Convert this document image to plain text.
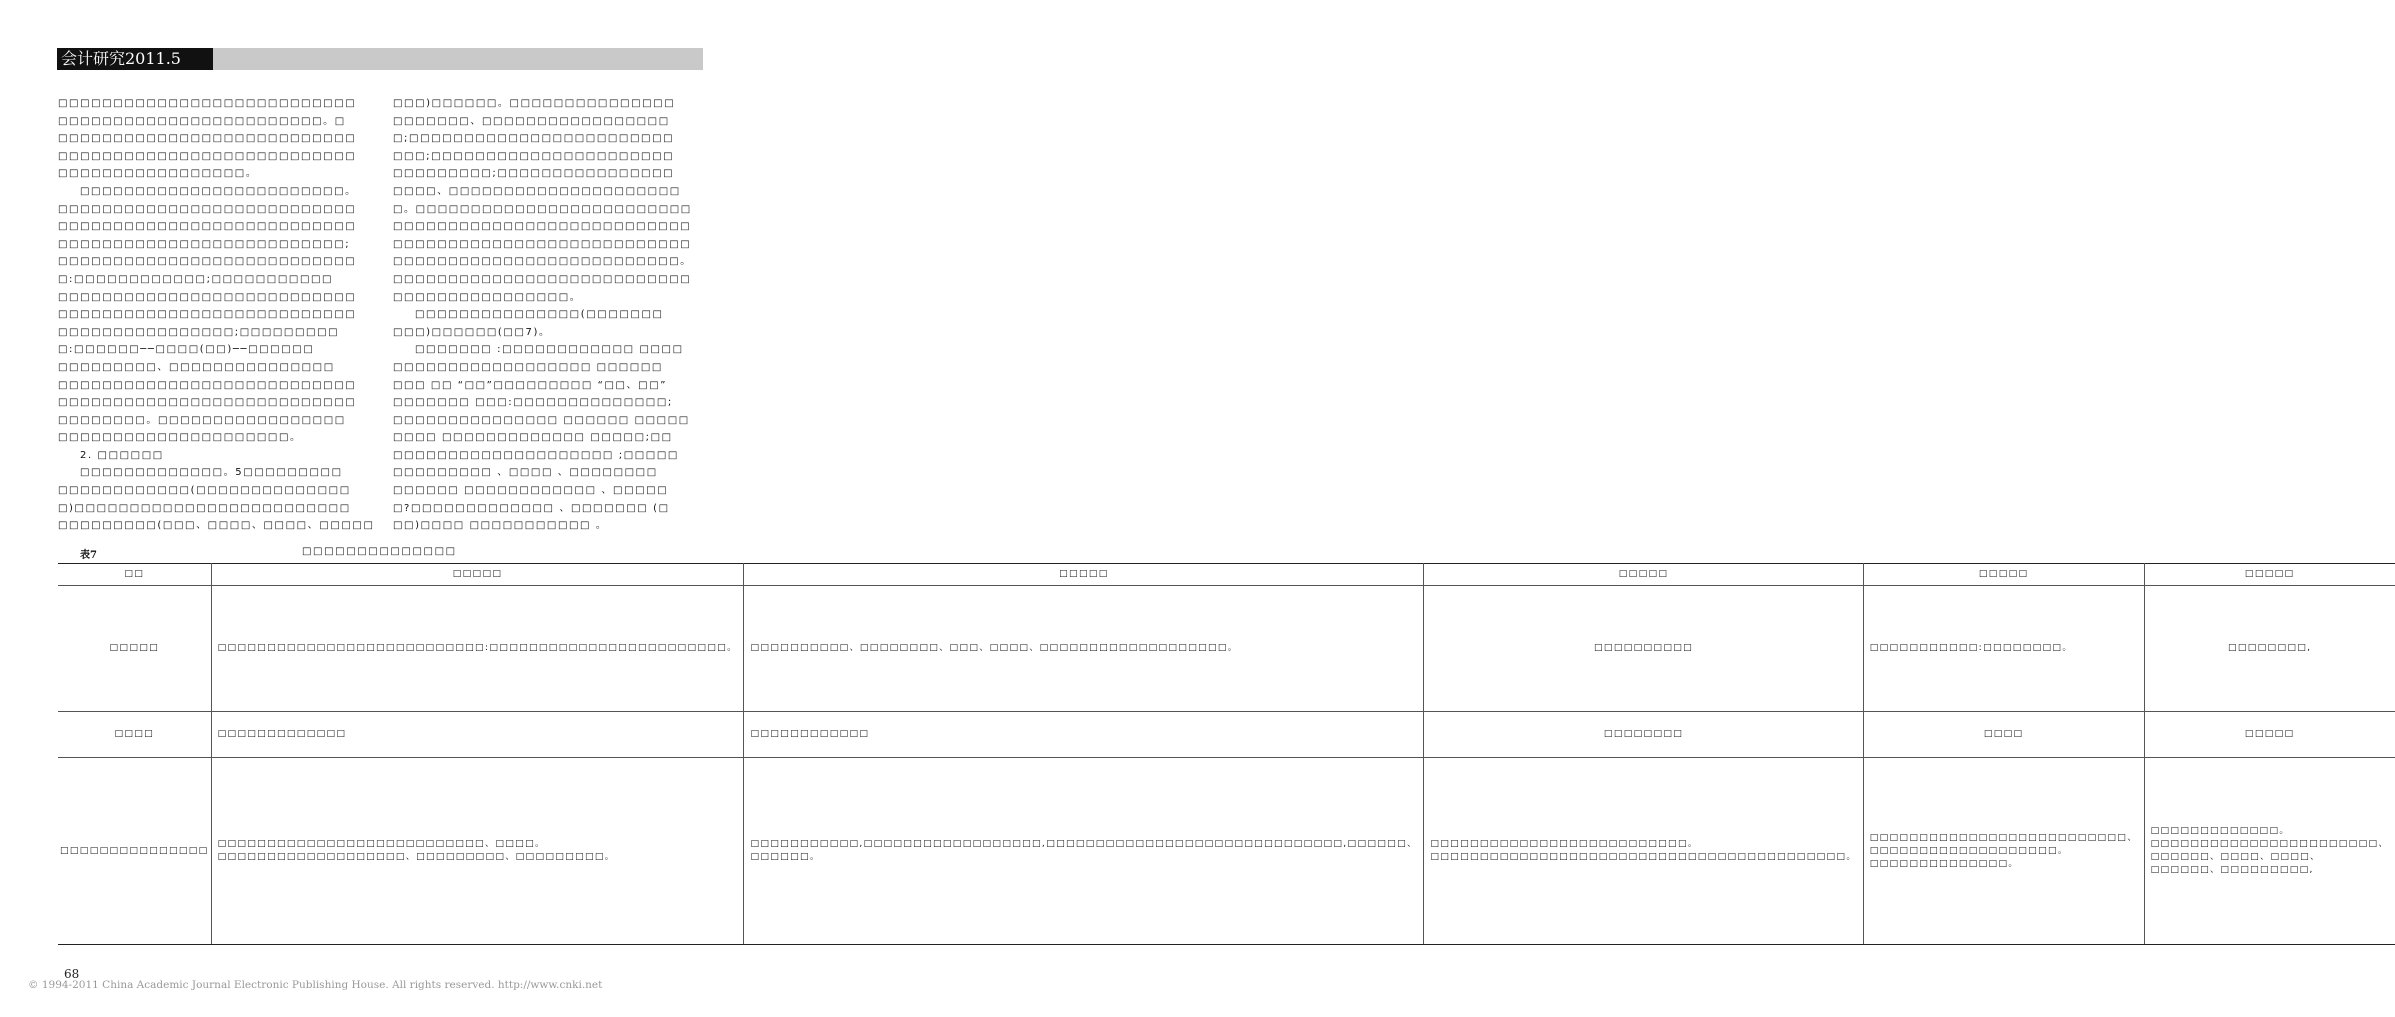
会计研究2011.5

□□□□□□□□□□□□□□□□□□□□□□□□□□□

□□□□□□□□□□□□□□□□□□□□□□□□。□

□□□□□□□□□□□□□□□□□□□□□□□□□□□

□□□□□□□□□□□□□□□□□□□□□□□□□□□

□□□□□□□□□□□□□□□□□。

□□□□□□□□□□□□□□□□□□□□□□□□。

□□□□□□□□□□□□□□□□□□□□□□□□□□□

□□□□□□□□□□□□□□□□□□□□□□□□□□□

□□□□□□□□□□□□□□□□□□□□□□□□□□;

□□□□□□□□□□□□□□□□□□□□□□□□□□□

□:□□□□□□□□□□□□;□□□□□□□□□□□

□□□□□□□□□□□□□□□□□□□□□□□□□□□

□□□□□□□□□□□□□□□□□□□□□□□□□□□

□□□□□□□□□□□□□□□□;□□□□□□□□□

□:□□□□□□──□□□□(□□)──□□□□□□

□□□□□□□□□、□□□□□□□□□□□□□□□

□□□□□□□□□□□□□□□□□□□□□□□□□□□

□□□□□□□□□□□□□□□□□□□□□□□□□□□

□□□□□□□□。□□□□□□□□□□□□□□□□□

□□□□□□□□□□□□□□□□□□□□□。

2. □□□□□□

□□□□□□□□□□□□□。5□□□□□□□□□

□□□□□□□□□□□□(□□□□□□□□□□□□□□

□)□□□□□□□□□□□□□□□□□□□□□□□□□

□□□□□□□□□(□□□、□□□□、□□□□、□□□□□

□□□)□□□□□□。□□□□□□□□□□□□□□□

□□□□□□□、□□□□□□□□□□□□□□□□□

□;□□□□□□□□□□□□□□□□□□□□□□□□

□□□;□□□□□□□□□□□□□□□□□□□□□□

□□□□□□□□□;□□□□□□□□□□□□□□□□

□□□□、□□□□□□□□□□□□□□□□□□□□□

□。□□□□□□□□□□□□□□□□□□□□□□□□□

□□□□□□□□□□□□□□□□□□□□□□□□□□□

□□□□□□□□□□□□□□□□□□□□□□□□□□□

□□□□□□□□□□□□□□□□□□□□□□□□□□。

□□□□□□□□□□□□□□□□□□□□□□□□□□□

□□□□□□□□□□□□□□□□。

□□□□□□□□□□□□□□□(□□□□□□□

□□□)□□□□□□(□□7)。

□□□□□□□ :□□□□□□□□□□□□ □□□□

□□□□□□□□□□□□□□□□□□ □□□□□□

□□□ □□ “□□”□□□□□□□□□ “□□、□□”

□□□□□□□ □□□:□□□□□□□□□□□□□□;

□□□□□□□□□□□□□□□ □□□□□□ □□□□□

□□□□ □□□□□□□□□□□□□ □□□□□;□□

□□□□□□□□□□□□□□□□□□□□ ;□□□□□

□□□□□□□□□ 、□□□□ 、□□□□□□□□

□□□□□□ □□□□□□□□□□□□ 、□□□□□

□?□□□□□□□□□□□□□ 、□□□□□□□ (□

□□)□□□□ □□□□□□□□□□□ 。

表7	□□□□□□□□□□□□□□
□□	□□□□□	□□□□□	□□□□□	□□□□□	□□□□□
□□□□□	□□□□□□□□□□□□□□□□□□□□□□□□□□□:□□□□□□□□□□□□□□□□□□□□□□□□。	□□□□□□□□□□、□□□□□□□□、□□□、□□□□、□□□□□□□□□□□□□□□□□□□。	□□□□□□□□□□	□□□□□□□□□□□:□□□□□□□□。	□□□□□□□□,
□□□□	□□□□□□□□□□□□□	□□□□□□□□□□□□	□□□□□□□□	□□□□	□□□□□
□□□□□□□□□□□□□□□	□□□□□□□□□□□□□□□□□□□□□□□□□□□、□□□□。□□□□□□□□□□□□□□□□□□□、□□□□□□□□□、□□□□□□□□□。	□□□□□□□□□□□,□□□□□□□□□□□□□□□□□□,□□□□□□□□□□□□□□□□□□□□□□□□□□□□□□,□□□□□□、□□□□□□。	□□□□□□□□□□□□□□□□□□□□□□□□□□。□□□□□□□□□□□□□□□□□□□□□□□□□□□□□□□□□□□□□□□□□□。	□□□□□□□□□□□□□□□□□□□□□□□□□□、□□□□□□□□□□□□□□□□□□□。□□□□□□□□□□□□□□。	□□□□□□□□□□□□□。□□□□□□□□□□□□□□□□□□□□□□□、□□□□□□、□□□□、□□□□、□□□□□□、□□□□□□□□□,
68
© 1994-2011 China Academic Journal Electronic Publishing House. All rights reserved. http://www.cnki.net
